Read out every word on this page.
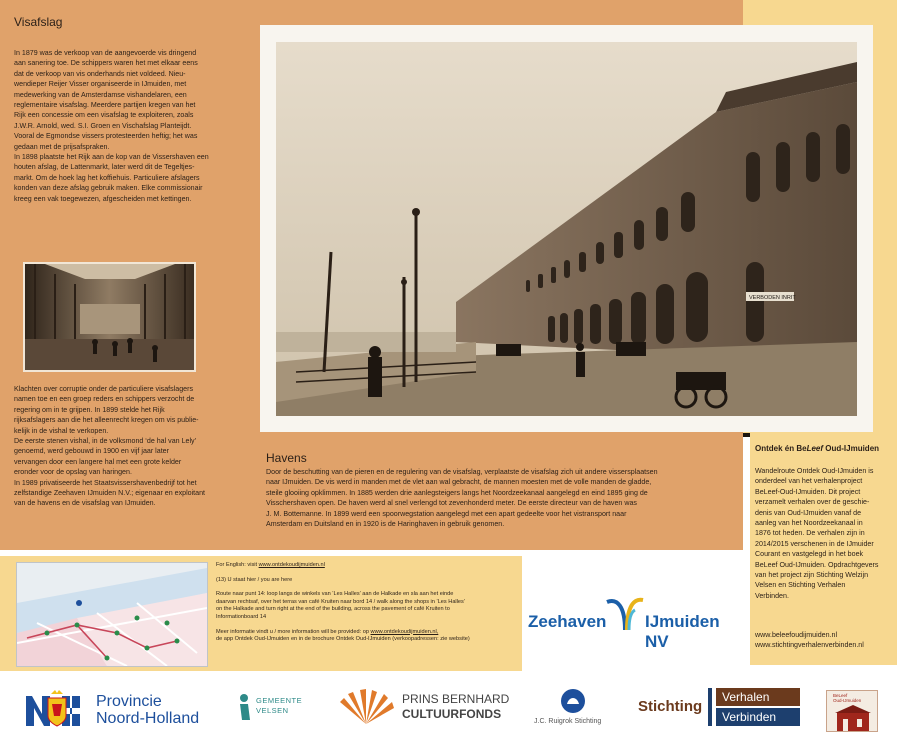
Visafslag

In 1879 was de verkoop van de aangevoerde vis dringend
aan sanering toe. De schippers waren het met elkaar eens
dat de verkoop van vis onderhands niet voldeed. Nieu-
wendieper Reijer Visser organiseerde in IJmuiden, met
medewerking van de Amsterdamse vishandelaren, een
reglementaire visafslag. Meerdere partijen kregen van het
Rijk een concessie om een visafslag te exploiteren, zoals
J.W.R. Arnold, wed. S.I. Groen en Vischafslag Planteijdt.
Vooral de Egmondse vissers protesteerden heftig; het was
gedaan met de prijsafspraken.
In 1898 plaatste het Rijk aan de kop van de Vissershaven een
houten afslag, de Lattenmarkt, later werd dit de Tegeltjes-
markt. Om de hoek lag het koffiehuis. Particuliere afslagers
konden van deze afslag gebruik maken. Elke commissionair
kreeg een vak toegewezen, afgescheiden met kettingen.

Klachten over corruptie onder de particuliere visafslagers
namen toe en een groep reders en schippers verzocht de
regering om in te grijpen. In 1899 stelde het Rijk
rijksafslagers aan die het alleenrecht kregen om vis publie-
kelijk in de vishal te verkopen.
De eerste stenen vishal, in de volksmond ‘de hal van Lely’
genoemd, werd gebouwd in 1900 en vijf jaar later
vervangen door een langere hal met een grote kelder
eronder voor de opslag van haringen.
In 1989 privatiseerde het Staatsvissershavenbedrijf tot het
zelfstandige Zeehaven IJmuiden N.V.; eigenaar en exploitant
van de havens en de visafslag van IJmuiden.

VERBODEN INRIT
Havens

Door de beschutting van de pieren en de regulering van de visafslag, verplaatste de visafslag zich uit andere vissersplaatsen
naar IJmuiden. De vis werd in manden met de vlet aan wal gebracht, de mannen moesten met de volle manden de gladde,
steile glooiing opklimmen. In 1885 werden drie aanlegsteigers langs het Noordzeekanaal aangelegd en eind 1895 ging de
Visschershaven open. De haven werd al snel verlengd tot zevenhonderd meter. De eerste directeur van de haven was
J. M. Bottemanne. In 1899 werd een spoorwegstation aangelegd met een apart gedeelte voor het vistransport naar
Amsterdam en Duitsland en in 1920 is de Haringhaven in gebruik genomen.

For English: visit www.ontdekoudijmuiden.nl
(13) U staat hier / you are here
Route naar punt 14: loop langs de winkels van ‘Les Halles’ aan de Halkade en sla aan het einde
daarvan rechtsaf, over het terras van café Kruiten naar bord 14 / walk along the shops in ‘Les Halles’
on the Halkade and turn right at the end of the building, across the pavement of café Kruiten to
Informationboard 14
Meer informatie vindt u / more information will be provided: op www.ontdekoudijmuiden.nl,
de app Ontdek Oud-IJmuiden en in de brochure Ontdek Oud-IJmuiden (verkoopadressen: zie website)
Zeehaven IJmuiden NV
Ontdek én BeLeef Oud-IJmuiden
Wandelroute Ontdek Oud-IJmuiden is
onderdeel van het verhalenproject
BeLeef-Oud-IJmuiden. Dit project
verzamelt verhalen over de geschie-
denis van Oud-IJmuiden vanaf de
aanleg van het Noordzeekanaal in
1876 tot heden. De verhalen zijn in
2014/2015 verschenen in de IJmuider
Courant en vastgelegd in het boek
BeLeef Oud-IJmuiden. Opdrachtgevers
van het project zijn Stichting Welzijn
Velsen en Stichting Verhalen
Verbinden.
www.beleefoudijmuiden.nl
www.stichtingverhalenverbinden.nl
Provincie
Noord-Holland
GEMEENTE
VELSEN
PRINS BERNHARD
CULTUURFONDS
J.C. Ruigrok Stichting
Stichting
Verhalen
Verbinden
BeLeef
Oud-IJmuiden
